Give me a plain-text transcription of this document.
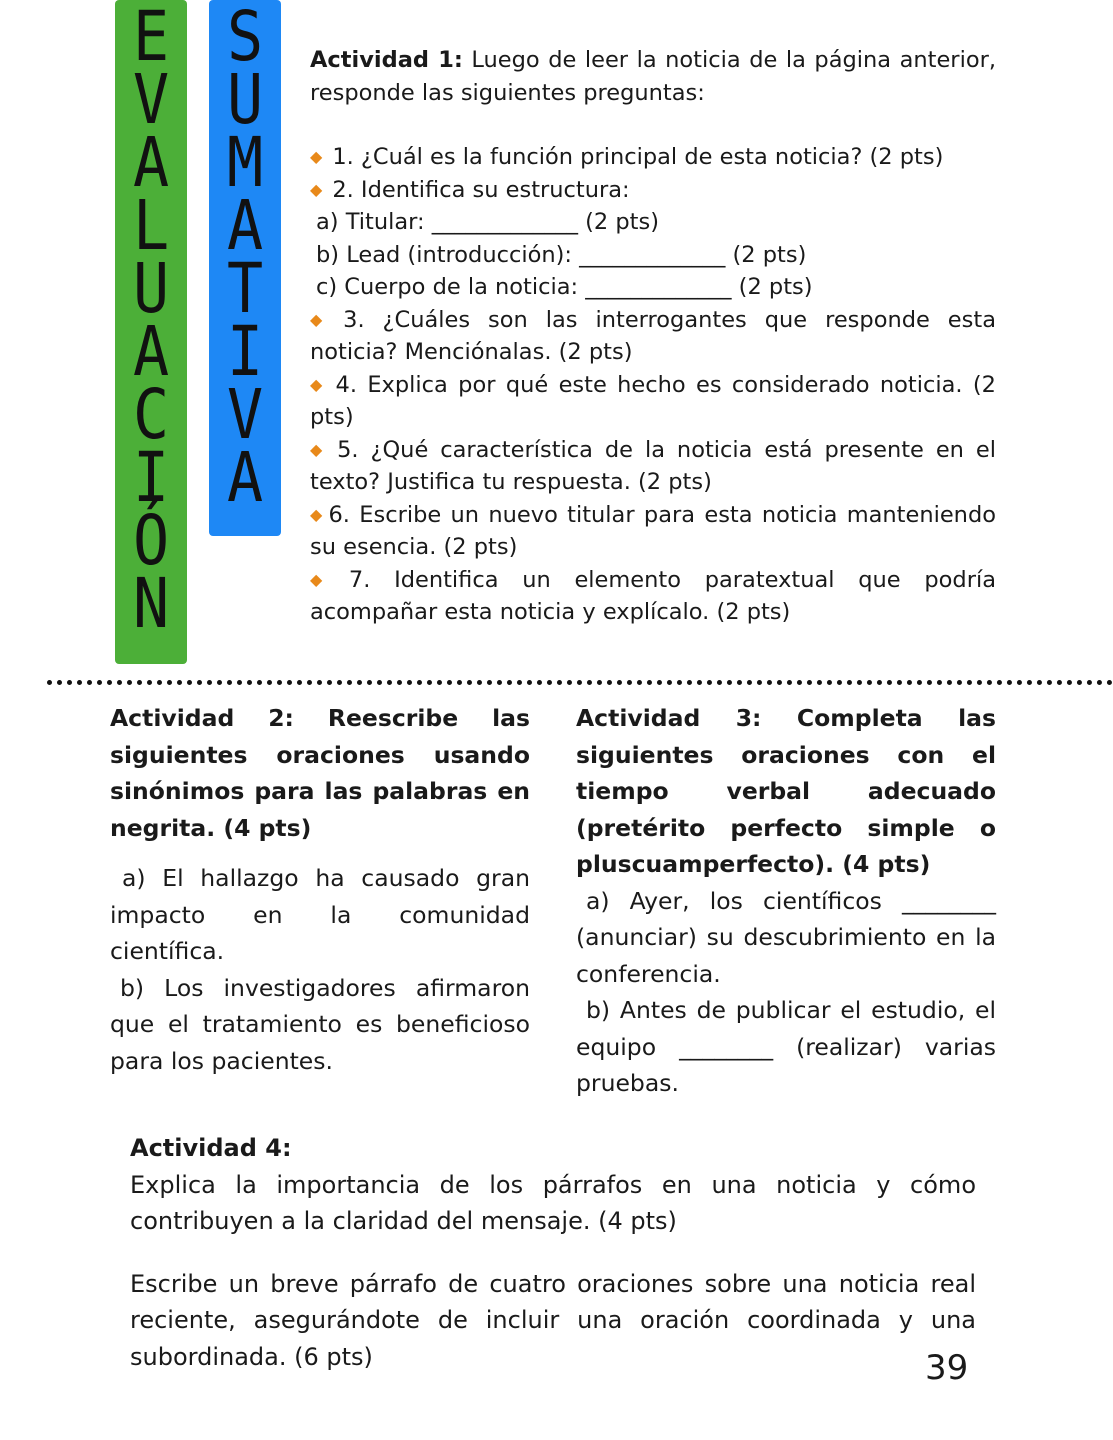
E
V
A
L
U
A
C
I
Ó
N
S
U
M
A
T
I
V
A

Actividad 1: Luego de leer la noticia de la página anterior, responde las siguientes preguntas:

◆ 1. ¿Cuál es la función principal de esta noticia? (2 pts)

◆ 2. Identifica su estructura:

a) Titular: _____________ (2 pts)

b) Lead (introducción): _____________ (2 pts)

c) Cuerpo de la noticia: _____________ (2 pts)

◆ 3. ¿Cuáles son las interrogantes que responde esta noticia? Menciónalas. (2 pts)

◆ 4. Explica por qué este hecho es considerado noticia. (2 pts)

◆ 5. ¿Qué característica de la noticia está presente en el texto? Justifica tu respuesta. (2 pts)

◆ 6. Escribe un nuevo titular para esta noticia manteniendo su esencia. (2 pts)

◆ 7. Identifica un elemento paratextual que podría acompañar esta noticia y explícalo. (2 pts)

Actividad 2: Reescribe las siguientes oraciones usando sinónimos para las palabras en negrita. (4 pts)

a) El hallazgo ha causado gran impacto en la comunidad científica.

b) Los investigadores afirmaron que el tratamiento es beneficioso para los pacientes.

Actividad 3: Completa las siguientes oraciones con el tiempo verbal adecuado (pretérito perfecto simple o pluscuamperfecto). (4 pts)

a) Ayer, los científicos ________ (anunciar) su descubrimiento en la conferencia.

b) Antes de publicar el estudio, el equipo ________ (realizar) varias pruebas.

Actividad 4:

Explica la importancia de los párrafos en una noticia y cómo contribuyen a la claridad del mensaje. (4 pts)

Escribe un breve párrafo de cuatro oraciones sobre una noticia real reciente, asegurándote de incluir una oración coordinada y una subordinada. (6 pts)	39
